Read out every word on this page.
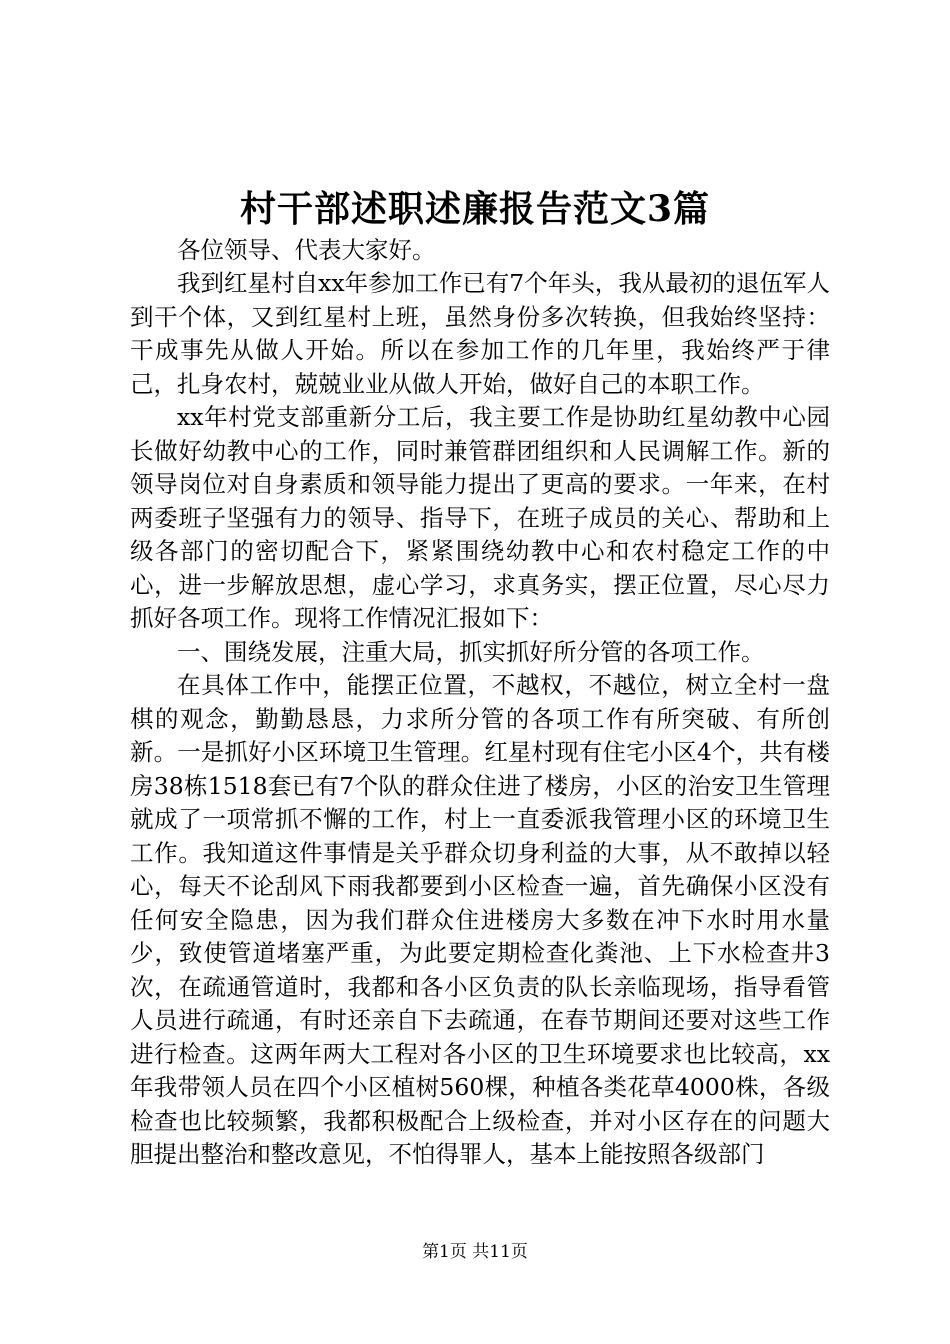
村干部述职述廉报告范文3篇

各位领导、代表大家好。

我到红星村自xx年参加工作已有7个年头，我从最初的退伍军人到干个体，又到红星村上班，虽然身份多次转换，但我始终坚持：干成事先从做人开始。所以在参加工作的几年里，我始终严于律己，扎身农村，兢兢业业从做人开始，做好自己的本职工作。

xx年村党支部重新分工后，我主要工作是协助红星幼教中心园长做好幼教中心的工作，同时兼管群团组织和人民调解工作。新的领导岗位对自身素质和领导能力提出了更高的要求。一年来，在村两委班子坚强有力的领导、指导下，在班子成员的关心、帮助和上级各部门的密切配合下，紧紧围绕幼教中心和农村稳定工作的中心，进一步解放思想，虚心学习，求真务实，摆正位置，尽心尽力抓好各项工作。现将工作情况汇报如下：

一、围绕发展，注重大局，抓实抓好所分管的各项工作。

在具体工作中，能摆正位置，不越权，不越位，树立全村一盘棋的观念，勤勤恳恳，力求所分管的各项工作有所突破、有所创新。一是抓好小区环境卫生管理。红星村现有住宅小区4个，共有楼房38栋1518套已有7个队的群众住进了楼房，小区的治安卫生管理就成了一项常抓不懈的工作，村上一直委派我管理小区的环境卫生工作。我知道这件事情是关乎群众切身利益的大事，从不敢掉以轻心，每天不论刮风下雨我都要到小区检查一遍，首先确保小区没有任何安全隐患，因为我们群众住进楼房大多数在冲下水时用水量少，致使管道堵塞严重，为此要定期检查化粪池、上下水检查井3次，在疏通管道时，我都和各小区负责的队长亲临现场，指导看管人员进行疏通，有时还亲自下去疏通，在春节期间还要对这些工作进行检查。这两年两大工程对各小区的卫生环境要求也比较高，xx年我带领人员在四个小区植树560棵，种植各类花草4000株，各级检查也比较频繁，我都积极配合上级检查，并对小区存在的问题大胆提出整治和整改意见，不怕得罪人，基本上能按照各级部门

第1页 共11页
